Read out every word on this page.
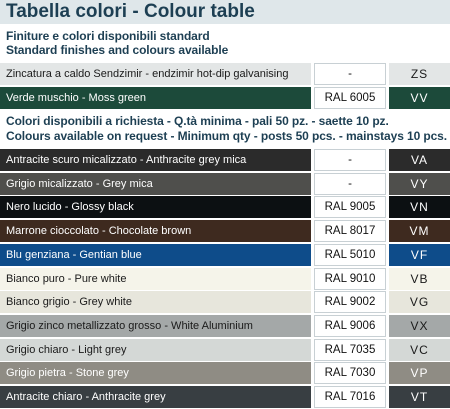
Tabella colori - Colour table
Finiture e colori disponibili standard
Standard finishes and colours available
Zincatura a caldo Sendzimir - endzimir hot-dip galvanising	-	ZS
Verde muschio - Moss green	RAL 6005	VV
Colori disponibili a richiesta - Q.tà minima - pali 50 pz. - saette 10 pz.
Colours available on request - Minimum qty - posts 50 pcs. - mainstays 10 pcs.
Antracite scuro micalizzato - Anthracite grey mica	-	VA
Grigio micalizzato - Grey mica	-	VY
Nero lucido - Glossy black	RAL 9005	VN
Marrone cioccolato - Chocolate brown	RAL 8017	VM
Blu genziana - Gentian blue	RAL 5010	VF
Bianco puro - Pure white	RAL 9010	VB
Bianco grigio - Grey white	RAL 9002	VG
Grigio zinco metallizzato grosso - White Aluminium	RAL 9006	VX
Grigio chiaro - Light grey	RAL 7035	VC
Grigio pietra - Stone grey	RAL 7030	VP
Antracite chiaro - Anthracite grey	RAL 7016	VT
